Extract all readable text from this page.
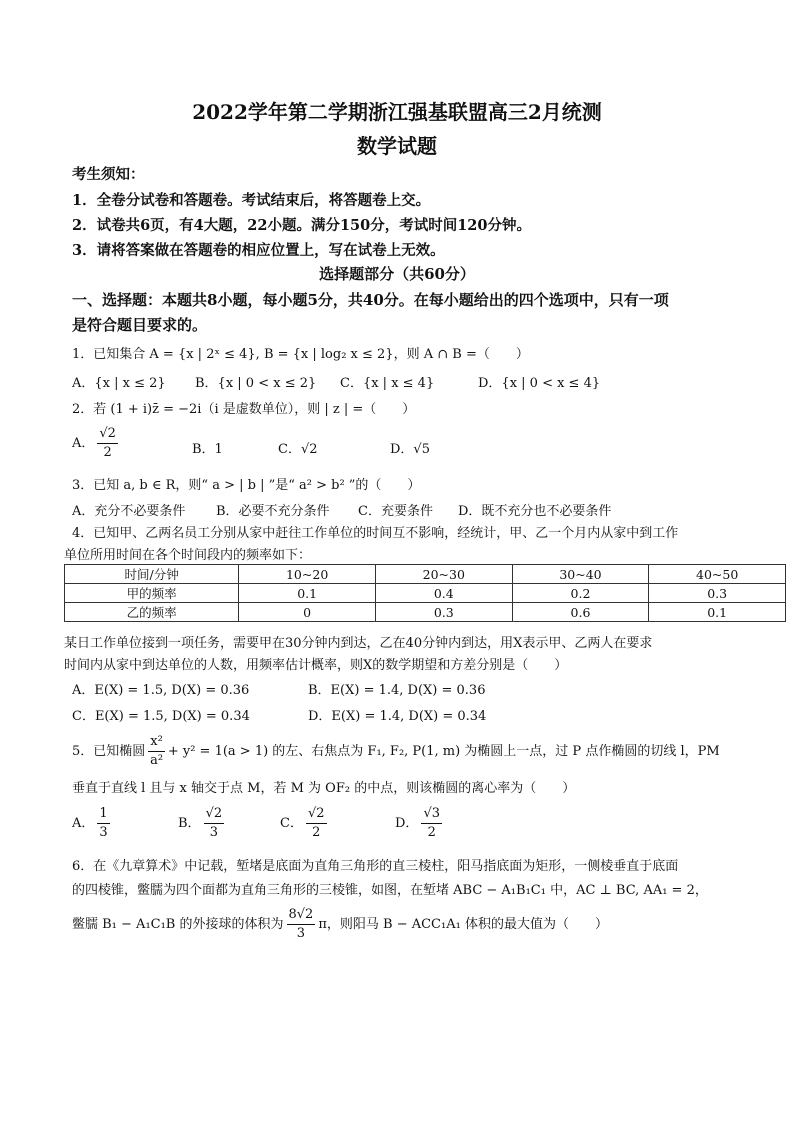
2022学年第二学期浙江强基联盟高三2月统测
数学试题
考生须知：
1．全卷分试卷和答题卷。考试结束后，将答题卷上交。
2．试卷共6页，有4大题，22小题。满分150分，考试时间120分钟。
3．请将答案做在答题卷的相应位置上，写在试卷上无效。
选择题部分（共60分）
一、选择题：本题共8小题，每小题5分，共40分。在每小题给出的四个选项中，只有一项
是符合题目要求的。
1．已知集合 A = {x | 2ˣ ≤ 4}, B = {x | log₂ x ≤ 2}，则 A ∩ B =（　　）
A．{x | x ≤ 2} B．{x | 0 < x ≤ 2} C．{x | x ≤ 4}	D．{x | 0 < x ≤ 4}
2．若 (1 + i)z̄ = −2i（i 是虚数单位），则 | z | =（　　）
A． $\frac{√2}{2}$	B．1	C．√2	D．√5
3．已知 a, b ∈ R，则“ a > | b | ”是“ a² > b² ”的（　　）
A．充分不必要条件 B．必要不充分条件 C．充要条件 D．既不充分也不必要条件
4．已知甲、乙两名员工分别从家中赶往工作单位的时间互不影响，经统计，甲、乙一个月内从家中到工作
单位所用时间在各个时间段内的频率如下：
时间/分钟	10~20	20~30	30~40	40~50
甲的频率	0.1	0.4	0.2	0.3
乙的频率	0	0.3	0.6	0.1
某日工作单位接到一项任务，需要甲在30分钟内到达，乙在40分钟内到达，用X表示甲、乙两人在要求
时间内从家中到达单位的人数，用频率估计概率，则X的数学期望和方差分别是（　　）
A．E(X) = 1.5, D(X) = 0.36	B．E(X) = 1.4, D(X) = 0.36
C．E(X) = 1.5, D(X) = 0.34	D．E(X) = 1.4, D(X) = 0.34
5．已知椭圆 $\frac{\text{x²}}{\text{a²}} + y^2 = 1(a > 1)$ 的左、右焦点为 F₁, F₂, P(1, m) 为椭圆上一点，过 P 点作椭圆的切线 l，PM
垂直于直线 l 且与 x 轴交于点 M，若 M 为 OF₂ 的中点，则该椭圆的离心率为（　　）
A． $\frac{1}{3}$	B． $\frac{√2}{3}$	C． $\frac{√2}{2}$	D． $\frac{√3}{2}$
6．在《九章算术》中记载，堑堵是底面为直角三角形的直三棱柱，阳马指底面为矩形，一侧棱垂直于底面
的四棱锥，鳖臑为四个面都为直角三角形的三棱锥，如图，在堑堵 ABC − A₁B₁C₁ 中，AC ⊥ BC, AA₁ = 2，
鳖臑 B₁ − A₁C₁B 的外接球的体积为 $\frac{8√2}{3}$ π，则阳马 B − ACC₁A₁ 体积的最大值为（　　）
